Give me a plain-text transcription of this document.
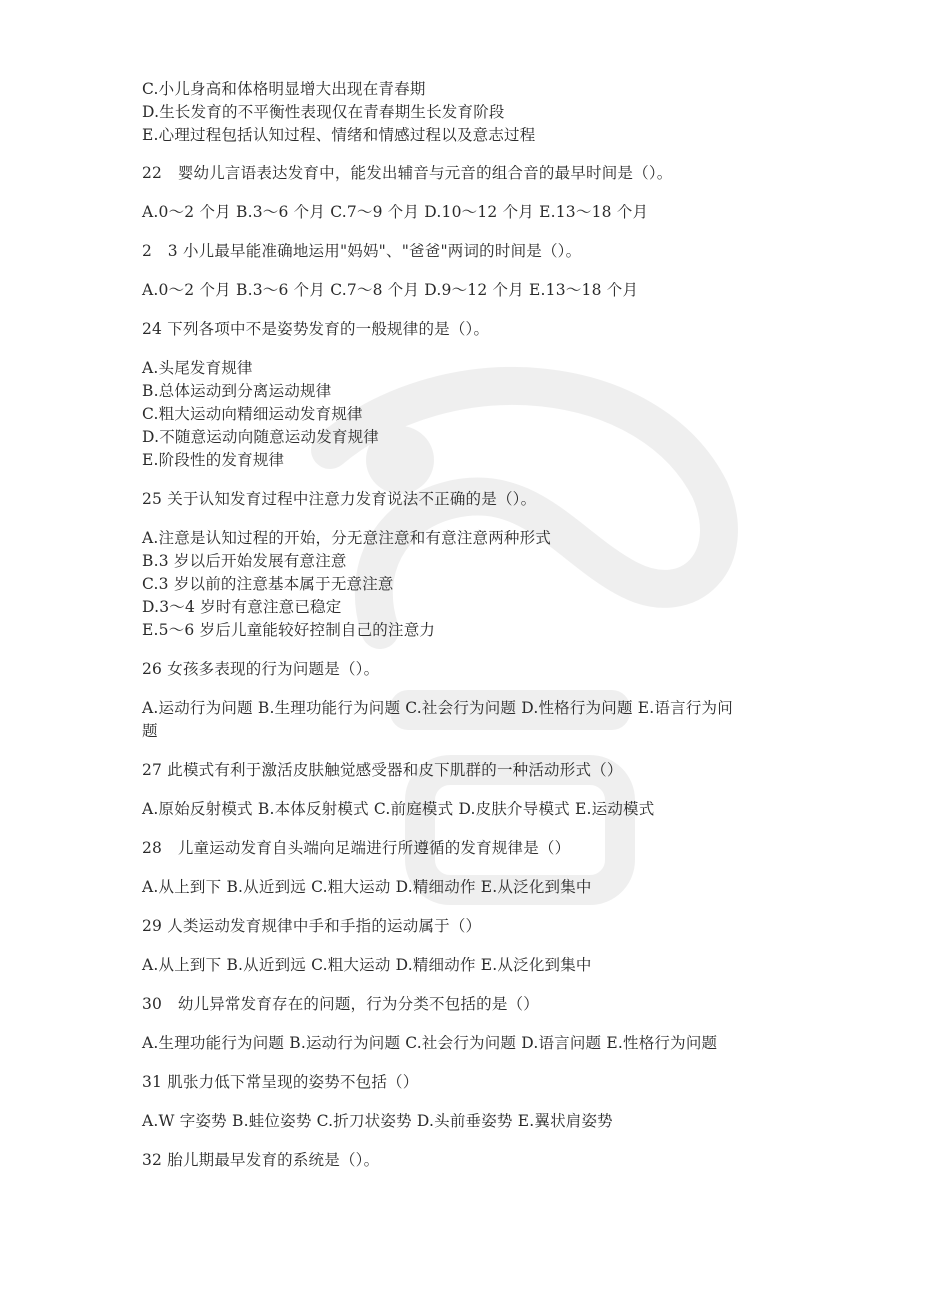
C.小儿身高和体格明显增大出现在青春期
D.生长发育的不平衡性表现仅在青春期生长发育阶段
E.心理过程包括认知过程、情绪和情感过程以及意志过程
22　婴幼儿言语表达发育中，能发出辅音与元音的组合音的最早时间是（）。
A.0～2 个月 B.3～6 个月 C.7～9 个月 D.10～12 个月 E.13～18 个月
2　3 小儿最早能准确地运用"妈妈"、"爸爸"两词的时间是（）。
A.0～2 个月 B.3～6 个月 C.7～8 个月 D.9～12 个月 E.13～18 个月
24 下列各项中不是姿势发育的一般规律的是（）。
A.头尾发育规律
B.总体运动到分离运动规律
C.粗大运动向精细运动发育规律
D.不随意运动向随意运动发育规律
E.阶段性的发育规律
25 关于认知发育过程中注意力发育说法不正确的是（）。
A.注意是认知过程的开始，分无意注意和有意注意两种形式
B.3 岁以后开始发展有意注意
C.3 岁以前的注意基本属于无意注意
D.3～4 岁时有意注意已稳定
E.5～6 岁后儿童能较好控制自己的注意力
26 女孩多表现的行为问题是（）。
A.运动行为问题 B.生理功能行为问题 C.社会行为问题 D.性格行为问题 E.语言行为问
题
27 此模式有利于激活皮肤触觉感受器和皮下肌群的一种活动形式（）
A.原始反射模式 B.本体反射模式 C.前庭模式 D.皮肤介导模式 E.运动模式
28　儿童运动发育自头端向足端进行所遵循的发育规律是（）
A.从上到下 B.从近到远 C.粗大运动 D.精细动作 E.从泛化到集中
29 人类运动发育规律中手和手指的运动属于（）
A.从上到下 B.从近到远 C.粗大运动 D.精细动作 E.从泛化到集中
30　幼儿异常发育存在的问题，行为分类不包括的是（）
A.生理功能行为问题 B.运动行为问题 C.社会行为问题 D.语言问题 E.性格行为问题
31 肌张力低下常呈现的姿势不包括（）
A.W 字姿势 B.蛙位姿势 C.折刀状姿势 D.头前垂姿势 E.翼状肩姿势
32 胎儿期最早发育的系统是（）。
